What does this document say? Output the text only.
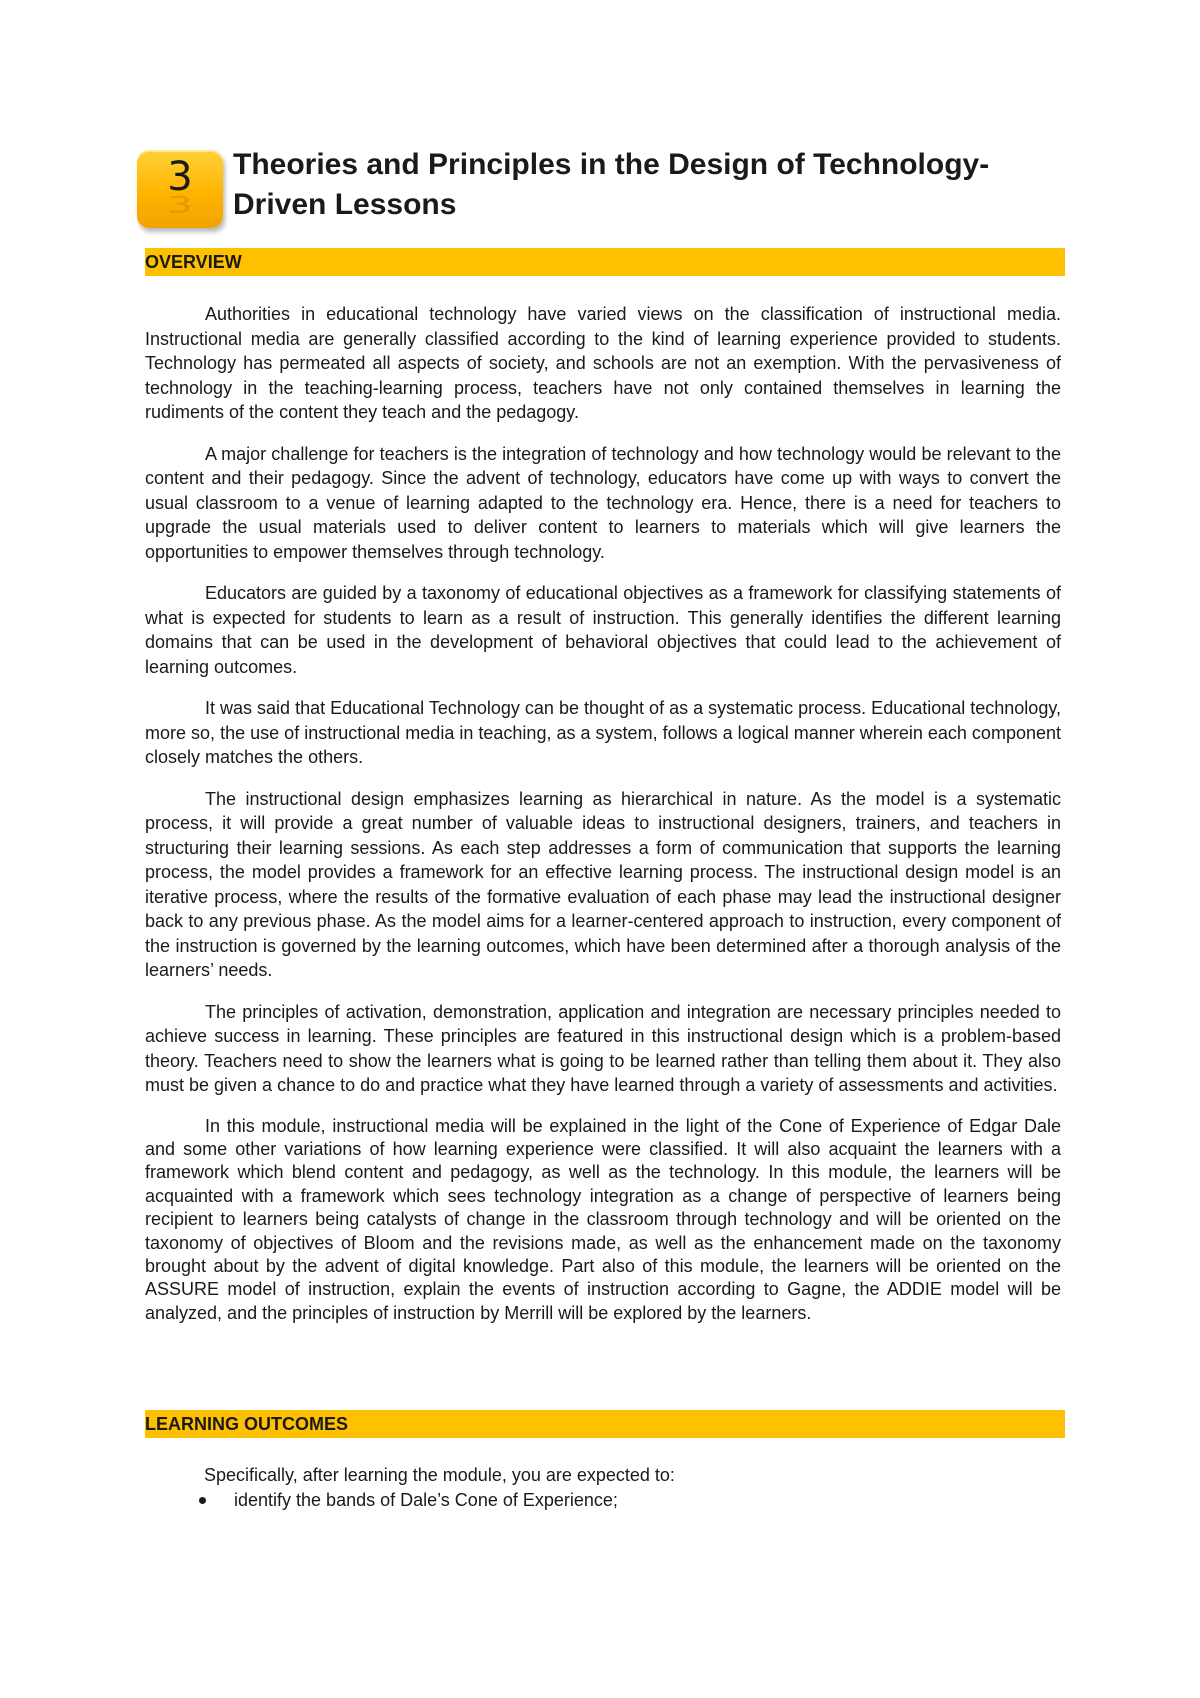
3
3	Theories and Principles in the Design of Technology-
Driven Lessons
OVERVIEW

Authorities in educational technology have varied views on the classification of instructional media. Instructional media are generally classified according to the kind of learning experience provided to students. Technology has permeated all aspects of society, and schools are not an exemption. With the pervasiveness of technology in the teaching-learning process, teachers have not only contained themselves in learning the rudiments of the content they teach and the pedagogy.

A major challenge for teachers is the integration of technology and how technology would be relevant to the content and their pedagogy. Since the advent of technology, educators have come up with ways to convert the usual classroom to a venue of learning adapted to the technology era. Hence, there is a need for teachers to upgrade the usual materials used to deliver content to learners to materials which will give learners the opportunities to empower themselves through technology.

Educators are guided by a taxonomy of educational objectives as a framework for classifying statements of what is expected for students to learn as a result of instruction. This generally identifies the different learning domains that can be used in the development of behavioral objectives that could lead to the achievement of learning outcomes.

It was said that Educational Technology can be thought of as a systematic process. Educational technology, more so, the use of instructional media in teaching, as a system, follows a logical manner wherein each component closely matches the others.

The instructional design emphasizes learning as hierarchical in nature. As the model is a systematic process, it will provide a great number of valuable ideas to instructional designers, trainers, and teachers in structuring their learning sessions. As each step addresses a form of communication that supports the learning process, the model provides a framework for an effective learning process. The instructional design model is an iterative process, where the results of the formative evaluation of each phase may lead the instructional designer back to any previous phase. As the model aims for a learner-centered approach to instruction, every component of the instruction is governed by the learning outcomes, which have been determined after a thorough analysis of the learners’ needs.

The principles of activation, demonstration, application and integration are necessary principles needed to achieve success in learning. These principles are featured in this instructional design which is a problem-based theory. Teachers need to show the learners what is going to be learned rather than telling them about it. They also must be given a chance to do and practice what they have learned through a variety of assessments and activities.

In this module, instructional media will be explained in the light of the Cone of Experience of Edgar Dale and some other variations of how learning experience were classified. It will also acquaint the learners with a framework which blend content and pedagogy, as well as the technology. In this module, the learners will be acquainted with a framework which sees technology integration as a change of perspective of learners being recipient to learners being catalysts of change in the classroom through technology and will be oriented on the taxonomy of objectives of Bloom and the revisions made, as well as the enhancement made on the taxonomy brought about by the advent of digital knowledge. Part also of this module, the learners will be oriented on the ASSURE model of instruction, explain the events of instruction according to Gagne, the ADDIE model will be analyzed, and the principles of instruction by Merrill will be explored by the learners.

LEARNING OUTCOMES
Specifically, after learning the module, you are expected to:
identify the bands of Dale’s Cone of Experience;
